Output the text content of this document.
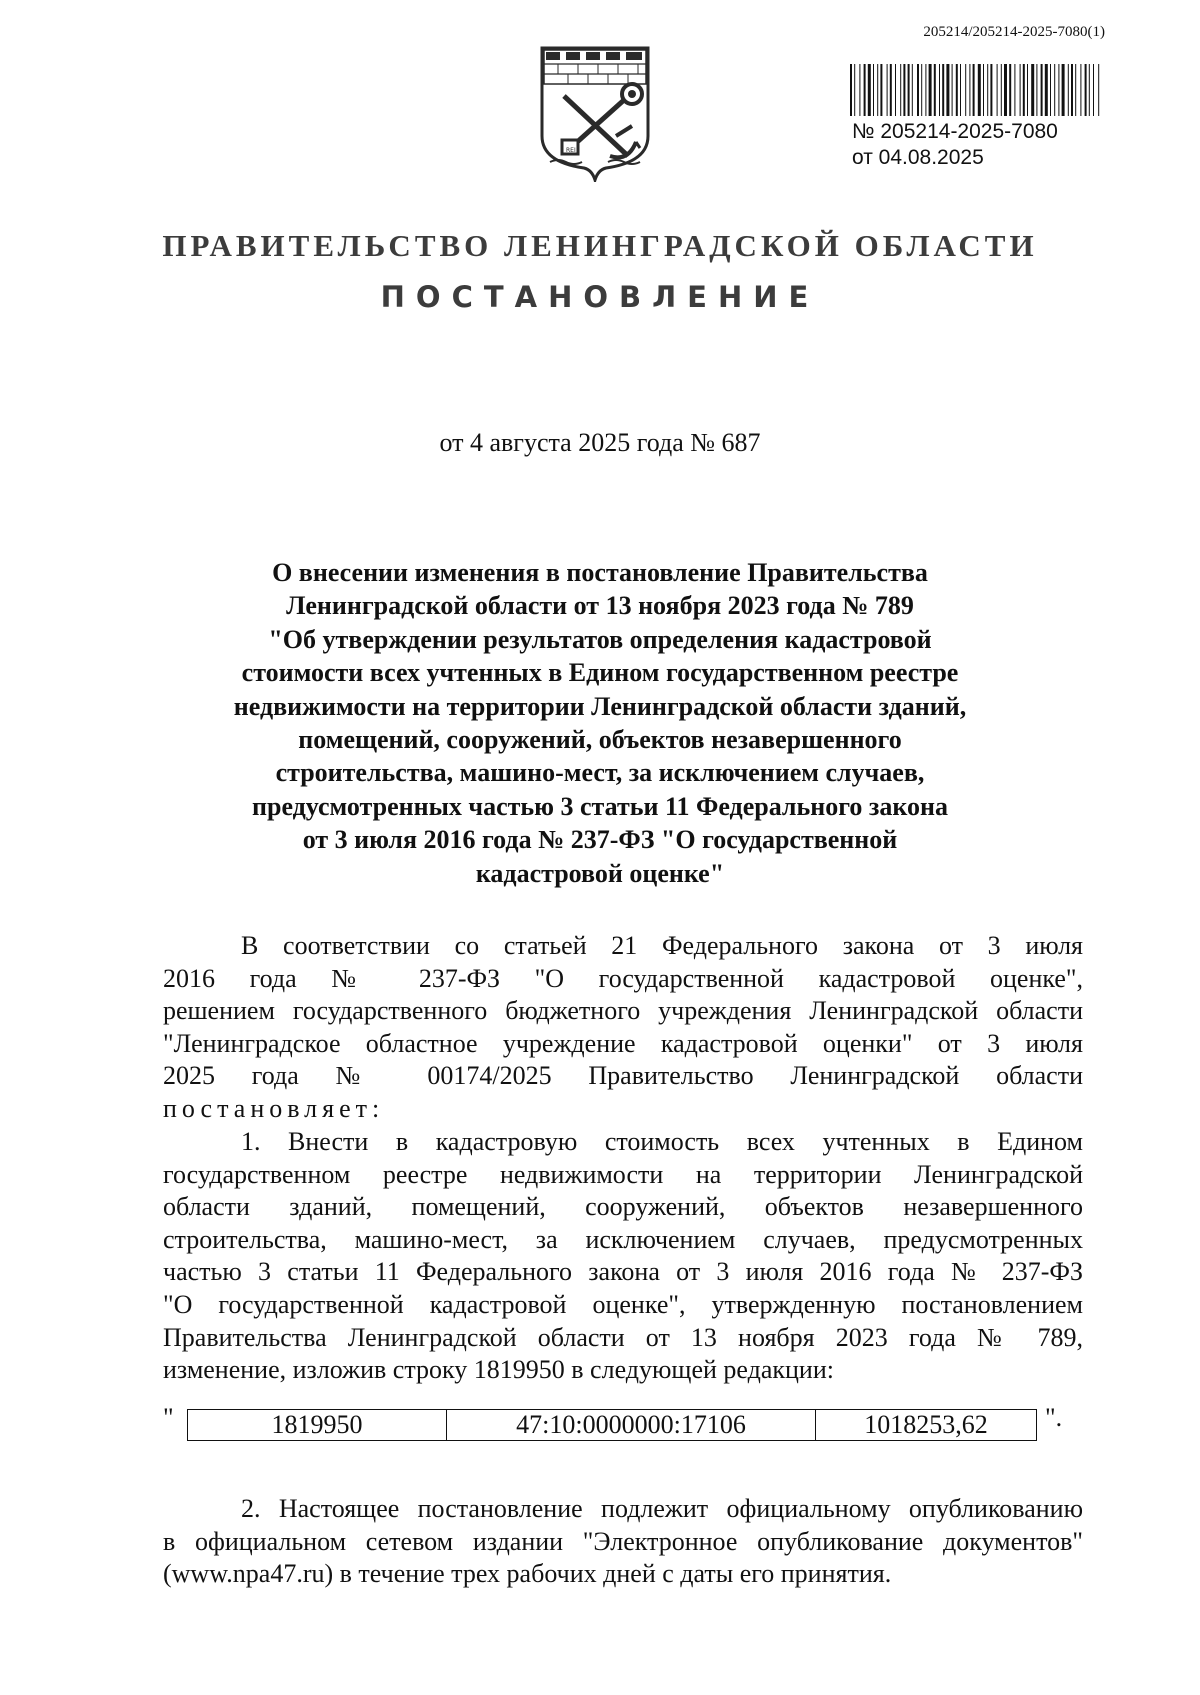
205214/205214-2025-7080(1)
№ 205214-2025-7080
от 04.08.2025
REI
ПРАВИТЕЛЬСТВО ЛЕНИНГРАДСКОЙ ОБЛАСТИ
ПОСТАНОВЛЕНИЕ
от 4 августа 2025 года № 687
О внесении изменения в постановление Правительства
Ленинградской области от 13 ноября 2023 года № 789
"Об утверждении результатов определения кадастровой
стоимости всех учтенных в Едином государственном реестре
недвижимости на территории Ленинградской области зданий,
помещений, сооружений, объектов незавершенного
строительства, машино-мест, за исключением случаев,
предусмотренных частью 3 статьи 11 Федерального закона
от 3 июля 2016 года № 237-ФЗ "О государственной
кадастровой оценке"
В соответствии со статьей 21 Федерального закона от 3 июля
2016 года № 237-ФЗ "О государственной кадастровой оценке",
решением государственного бюджетного учреждения Ленинградской области
"Ленинградское областное учреждение кадастровой оценки" от 3 июля
2025 года № 00174/2025 Правительство Ленинградской области
постановляет:
1. Внести в кадастровую стоимость всех учтенных в Едином
государственном реестре недвижимости на территории Ленинградской
области зданий, помещений, сооружений, объектов незавершенного
строительства, машино-мест, за исключением случаев, предусмотренных
частью 3 статьи 11 Федерального закона от 3 июля 2016 года № 237-ФЗ
"О государственной кадастровой оценке", утвержденную постановлением
Правительства Ленинградской области от 13 ноября 2023 года № 789,
изменение, изложив строку 1819950 в следующей редакции:
"	1819950	47:10:0000000:17106	1018253,62 ".
2. Настоящее постановление подлежит официальному опубликованию
в официальном сетевом издании "Электронное опубликование документов"
(www.npa47.ru) в течение трех рабочих дней с даты его принятия.
